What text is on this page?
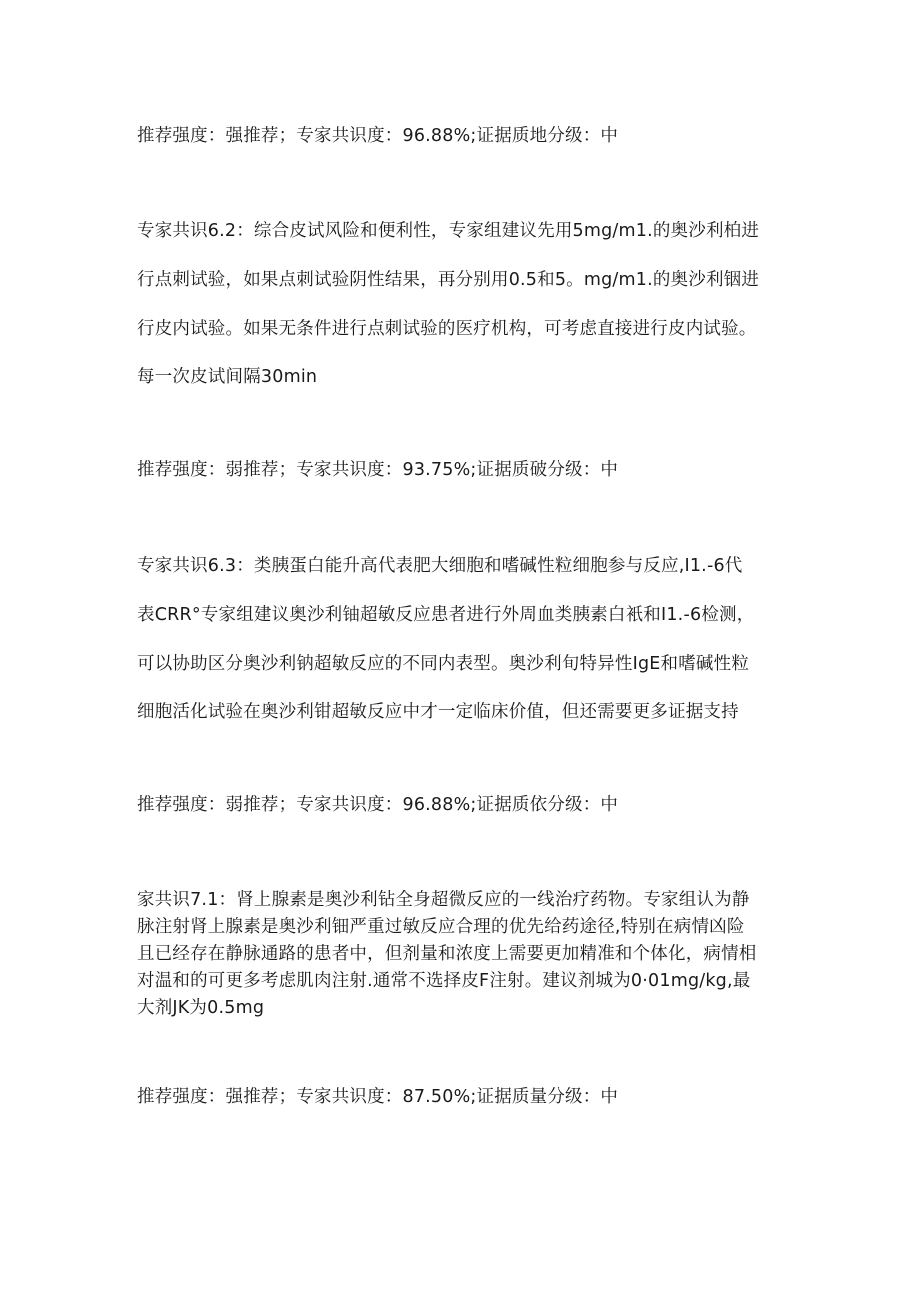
推荐强度：强推荐；专家共识度：96.88%;证据质地分级：中
专家共识6.2：综合皮试风险和便利性，专家组建议先用5mg/m1.的奥沙利柏进
行点刺试验，如果点刺试验阴性结果，再分别用0.5和5。mg/m1.的奥沙利铟进
行皮内试验。如果无条件进行点刺试验的医疗机构，可考虑直接进行皮内试验。
每一次皮试间隔30min
推荐强度：弱推荐；专家共识度：93.75%;证据质破分级：中
专家共识6.3：类胰蛋白能升高代表肥大细胞和嗜碱性粒细胞参与反应,I1.-6代
表CRR°专家组建议奥沙利铀超敏反应患者进行外周血类胰素白衹和I1.-6检测，
可以协助区分奥沙利钠超敏反应的不同内表型。奥沙利旬特异性IgE和嗜碱性粒
细胞活化试验在奥沙利钳超敏反应中才一定临床价值，但还需要更多证据支持
推荐强度：弱推荐；专家共识度：96.88%;证据质依分级：中
家共识7.1：肾上腺素是奥沙利钻全身超微反应的一线治疗药物。专家组认为静
脉注射肾上腺素是奥沙利钿严重过敏反应合理的优先给药途径,特别在病情凶险
且已经存在静脉通路的患者中，但剂量和浓度上需要更加精准和个体化，病情相
对温和的可更多考虑肌肉注射.通常不选择皮F注射。建议剂城为0·01mg/kg,最
大剂JK为0.5mg
推荐强度：强推荐；专家共识度：87.50%;证据质量分级：中
